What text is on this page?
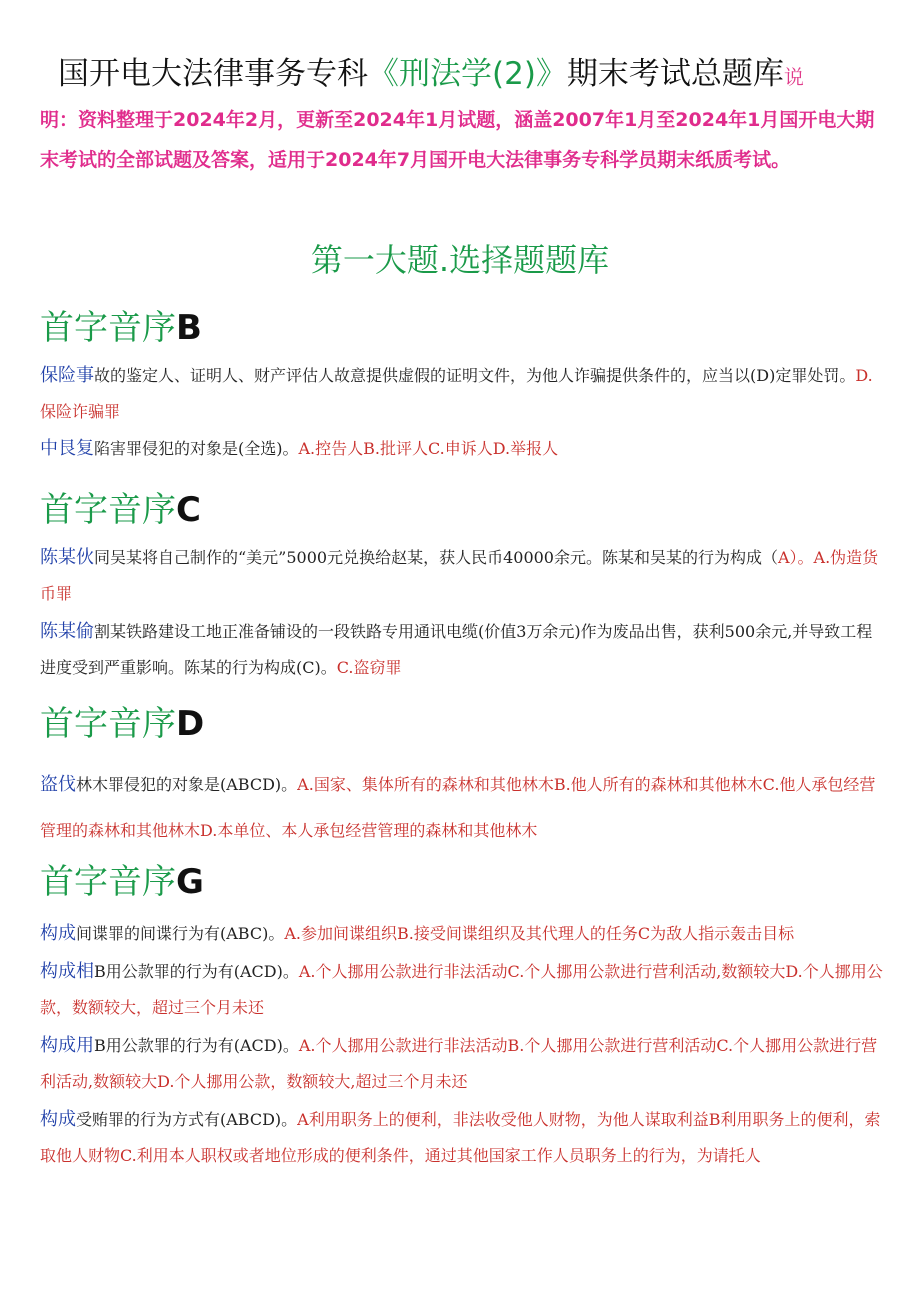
国开电大法律事务专科《刑法学(2)》期末考试总题库说
明：资料整理于2024年2月，更新至2024年1月试题，涵盖2007年1月至2024年1月国开电大期末考试的全部试题及答案，适用于2024年7月国开电大法律事务专科学员期末纸质考试。
第一大题.选择题题库
首字音序B
保险事故的鉴定人、证明人、财产评估人故意提供虚假的证明文件，为他人诈骗提供条件的，应当以(D)定罪处罚。D.保险诈骗罪
中艮复陷害罪侵犯的对象是(全选)。A.控告人B.批评人C.申诉人D.举报人
首字音序C
陈某伙同吴某将自己制作的“美元”5000元兑换给赵某，获人民币40000余元。陈某和吴某的行为构成（A）。A.伪造货币罪
陈某偷割某铁路建设工地正准备铺设的一段铁路专用通讯电缆(价值3万余元)作为废品出售，获利500余元,并导致工程进度受到严重影响。陈某的行为构成(C)。C.盗窃罪
首字音序D
盗伐林木罪侵犯的对象是(ABCD)。A.国家、集体所有的森林和其他林木B.他人所有的森林和其他林木C.他人承包经营管理的森林和其他林木D.本单位、本人承包经营管理的森林和其他林木
首字音序G
构成间谍罪的间谍行为有(ABC)。A.参加间谍组织B.接受间谍组织及其代理人的任务C为敌人指示轰击目标
构成相B用公款罪的行为有(ACD)。A.个人挪用公款进行非法活动C.个人挪用公款进行营利活动,数额较大D.个人挪用公款，数额较大，超过三个月未还
构成用B用公款罪的行为有(ACD)。A.个人挪用公款进行非法活动B.个人挪用公款进行营利活动C.个人挪用公款进行营利活动,数额较大D.个人挪用公款，数额较大,超过三个月未还
构成受贿罪的行为方式有(ABCD)。A利用职务上的便利，非法收受他人财物，为他人谋取利益B利用职务上的便利，索取他人财物C.利用本人职权或者地位形成的便利条件，通过其他国家工作人员职务上的行为，为请托人
